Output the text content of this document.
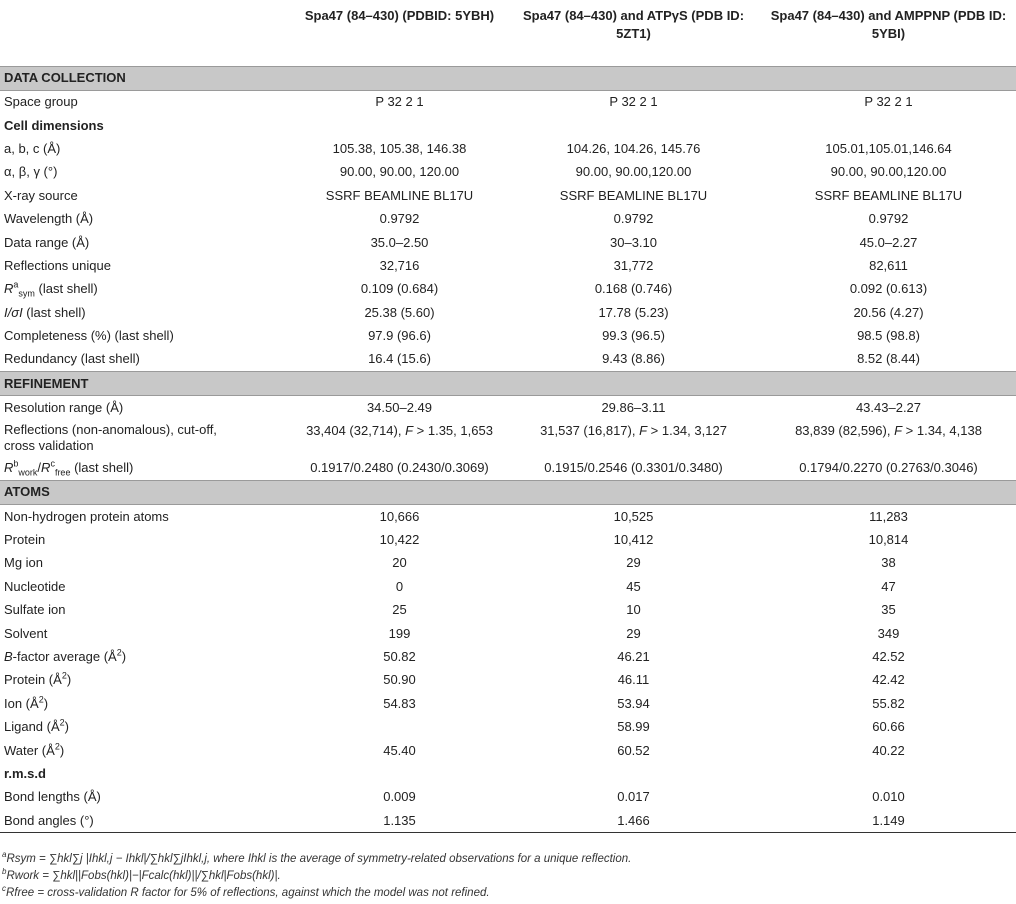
	Spa47 (84–430) (PDBID: 5YBH)	Spa47 (84–430) and ATPγS (PDB ID: 5ZT1)	Spa47 (84–430) and AMPPNP (PDB ID: 5YBI)
DATA COLLECTION			
Space group	P 32 2 1	P 32 2 1	P 32 2 1
Cell dimensions			
a, b, c (Å)	105.38, 105.38, 146.38	104.26, 104.26, 145.76	105.01,105.01,146.64
α, β, γ (°)	90.00, 90.00, 120.00	90.00, 90.00,120.00	90.00, 90.00,120.00
X-ray source	SSRF BEAMLINE BL17U	SSRF BEAMLINE BL17U	SSRF BEAMLINE BL17U
Wavelength (Å)	0.9792	0.9792	0.9792
Data range (Å)	35.0–2.50	30–3.10	45.0–2.27
Reflections unique	32,716	31,772	82,611
$R^a_{sym}$ (last shell)	0.109 (0.684)	0.168 (0.746)	0.092 (0.613)
I/σI (last shell)	25.38 (5.60)	17.78 (5.23)	20.56 (4.27)
Completeness (%) (last shell)	97.9 (96.6)	99.3 (96.5)	98.5 (98.8)
Redundancy (last shell)	16.4 (15.6)	9.43 (8.86)	8.52 (8.44)
REFINEMENT			
Resolution range (Å)	34.50–2.49	29.86–3.11	43.43–2.27
Reflections (non-anomalous), cut-off,
cross validation	33,404 (32,714), F > 1.35, 1,653	31,537 (16,817), F > 1.34, 3,127	83,839 (82,596), F > 1.34, 4,138
$R^b_{work}/R^c_{free}$ (last shell)	0.1917/0.2480 (0.2430/0.3069)	0.1915/0.2546 (0.3301/0.3480)	0.1794/0.2270 (0.2763/0.3046)
ATOMS			
Non-hydrogen protein atoms	10,666	10,525	11,283
Protein	10,422	10,412	10,814
Mg ion	20	29	38
Nucleotide	0	45	47
Sulfate ion	25	10	35
Solvent	199	29	349
B-factor average $(Å^2)$	50.82	46.21	42.52
Protein $(Å^2)$	50.90	46.11	42.42
Ion $(Å^2)$	54.83	53.94	55.82
Ligand $(Å^2)$		58.99	60.66
Water $(Å^2)$	45.40	60.52	40.22
r.m.s.d			
Bond lengths (Å)	0.009	0.017	0.010
Bond angles (°)	1.135	1.466	1.149
$^a$Rsym = ∑hkl∑j |Ihkl,j − Ihkl|/∑hkl∑jIhkl,j, where Ihkl is the average of symmetry-related observations for a unique reflection.
$^b$Rwork = ∑hkl||Fobs(hkl)|−|Fcalc(hkl)||/∑hkl|Fobs(hkl)|.
$^c$Rfree = cross-validation R factor for 5% of reflections, against which the model was not refined.
